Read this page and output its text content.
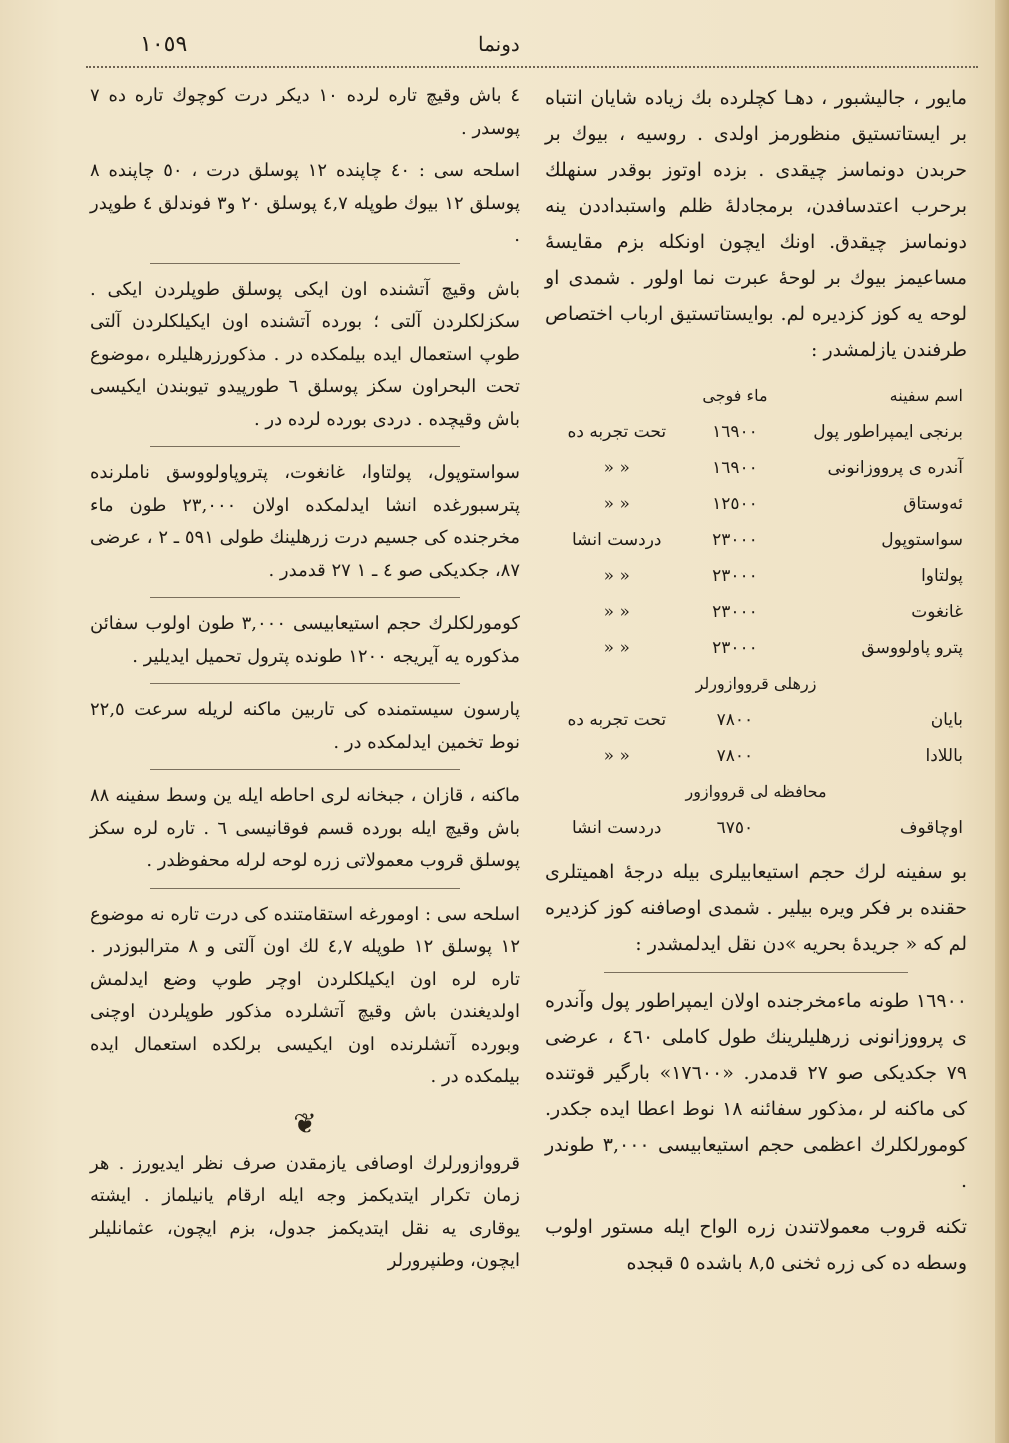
١٠٥٩	دونما

مايور ، جاليشبور ، دهـا كچلرده بك زياده شايان انتباه بر ايستاتستيق منظورمز اولدى . روسيه ، بيوك بر حربدن دونماسز چيقدى . بزده اوتوز بوقدر سنهلك برحرب اعتدسافدن، برمجادلهٔ ظلم واستبداددن ينه دونماسز چيقدق. اونك ايچون اونكله بزم مقايسهٔ مساعيمز بيوك بر لوحهٔ عبرت نما اولور . شمدى او لوحه يه كوز كزديره لم. بوايستاتستيق ارباب اختصاص طرفندن يازلمشدر :

اسم سفينه	ماء فوجى	
برنجى ايمپراطور پول	١٦٩٠٠	تحت تجربه ده
آندره ى پرووزانونى	١٦٩٠٠	« «
ئەوستاق	١٢٥٠٠	« «
سواستوپول	٢٣٠٠٠	دردست انشا
پولتاوا	٢٣٠٠٠	« «
غانغوت	٢٣٠٠٠	« «
پترو پاولووسق	٢٣٠٠٠	« «
زرهلى قرووازورلر		
بايان	٧٨٠٠	تحت تجربه ده
باللادا	٧٨٠٠	« «
محافظه لى قرووازور		
اوچاقوف	٦٧٥٠	دردست انشا

بو سفينه لرك حجم استيعابيلرى بيله درجهٔ اهميتلرى حقنده بر فكر ويره بيلير . شمدى اوصافنه كوز كزديره لم كه « جريدهٔ بحريه »دن نقل ايدلمشدر :

١٦٩٠٠ طونه ماءمخرجنده اولان ايمپراطور پول وآندره ى پرووزانونى زرهلیلرینك طول كاملى ٤٦٠ ، عرضى ٧٩ جكديكى صو ٢٧ قدمدر. «١٧٦٠٠» بارگير قوتنده كى ماكنه لر ،مذكور سفائنه ١٨ نوط اعطا ايده جكدر. كومورلكلرك اعظمى حجم استيعابيسى ٣,٠٠٠ طوندر .

تكنه قروب معمولاتندن زره الواح ايله مستور اولوب وسطه ده كى زره ثخنى ٨,٥ باشده ٥ قبجده

٤ باش وقيچ تاره لرده ١٠ ديكر درت كوچوك تاره ده ٧ پوسدر .

اسلحه سى : ٤٠ چاپنده ١٢ پوسلق درت ، ٥٠ چاپنده ٨ پوسلق ١٢ بيوك طوپله ٤,٧ پوسلق ٢٠ و٣ فوندلق ٤ طوپدر .

باش وقيچ آتشنده اون ايكى پوسلق طوپلردن ايكى . سكزلكلردن آلتى ؛ بورده آتشنده اون ايكيلكلردن آلتى طوپ استعمال ايده بيلمكده در . مذكورزرهليلره ،موضوع تحت البحراون سكز پوسلق ٦ طورپيدو تيوبندن ايكيسى باش وقيچده . دردى بورده لرده در .

سواستوپول، پولتاوا، غانغوت، پتروپاولووسق ناملرنده پترسبورغده انشا ايدلمكده اولان ٢٣,٠٠٠ طون ماء مخرجنده كى جسيم درت زرهلينك طولى ٥٩١ ـ ٢ ، عرضى ٨٧، جكديكى صو ٤ ـ ١ ٢٧ قدمدر .

كومورلكلرك حجم استيعابيسى ٣,٠٠٠ طون اولوب سفائن مذكوره يه آيريجه ١٢٠٠ طونده پترول تحميل ايديلير .

پارسون سيستمنده كى تاربين ماكنه لريله سرعت ٢٢,٥ نوط تخمين ايدلمكده در .

ماكنه ، قازان ، جبخانه لرى احاطه ايله ين وسط سفينه ٨٨ باش وقيچ ايله بورده قسم فوقانيسى ٦ . تاره لره سكز پوسلق قروب معمولاتى زره لوحه لرله محفوظدر .

اسلحه سى : اومورغه استقامتنده كى درت تاره نه موضوع ١٢ پوسلق ١٢ طوپله ٤,٧ لك اون آلتى و ٨ مترالبوزدر . تاره لره اون ايكيلكلردن اوچر طوپ وضع ايدلمش اولديغندن باش وقيچ آتشلرده مذكور طوپلردن اوچنى وبورده آتشلرنده اون ايكيسى برلكده استعمال ايده بيلمكده در .

❦

قرووازورلرك اوصافى يازمقدن صرف نظر ايديورز . هر زمان تكرار ايتديكمز وجه ايله ارقام يانيلماز . ايشته يوقارى يه نقل ايتديكمز جدول، بزم ايچون، عثمانليلر ايچون، وطنپرورلر
